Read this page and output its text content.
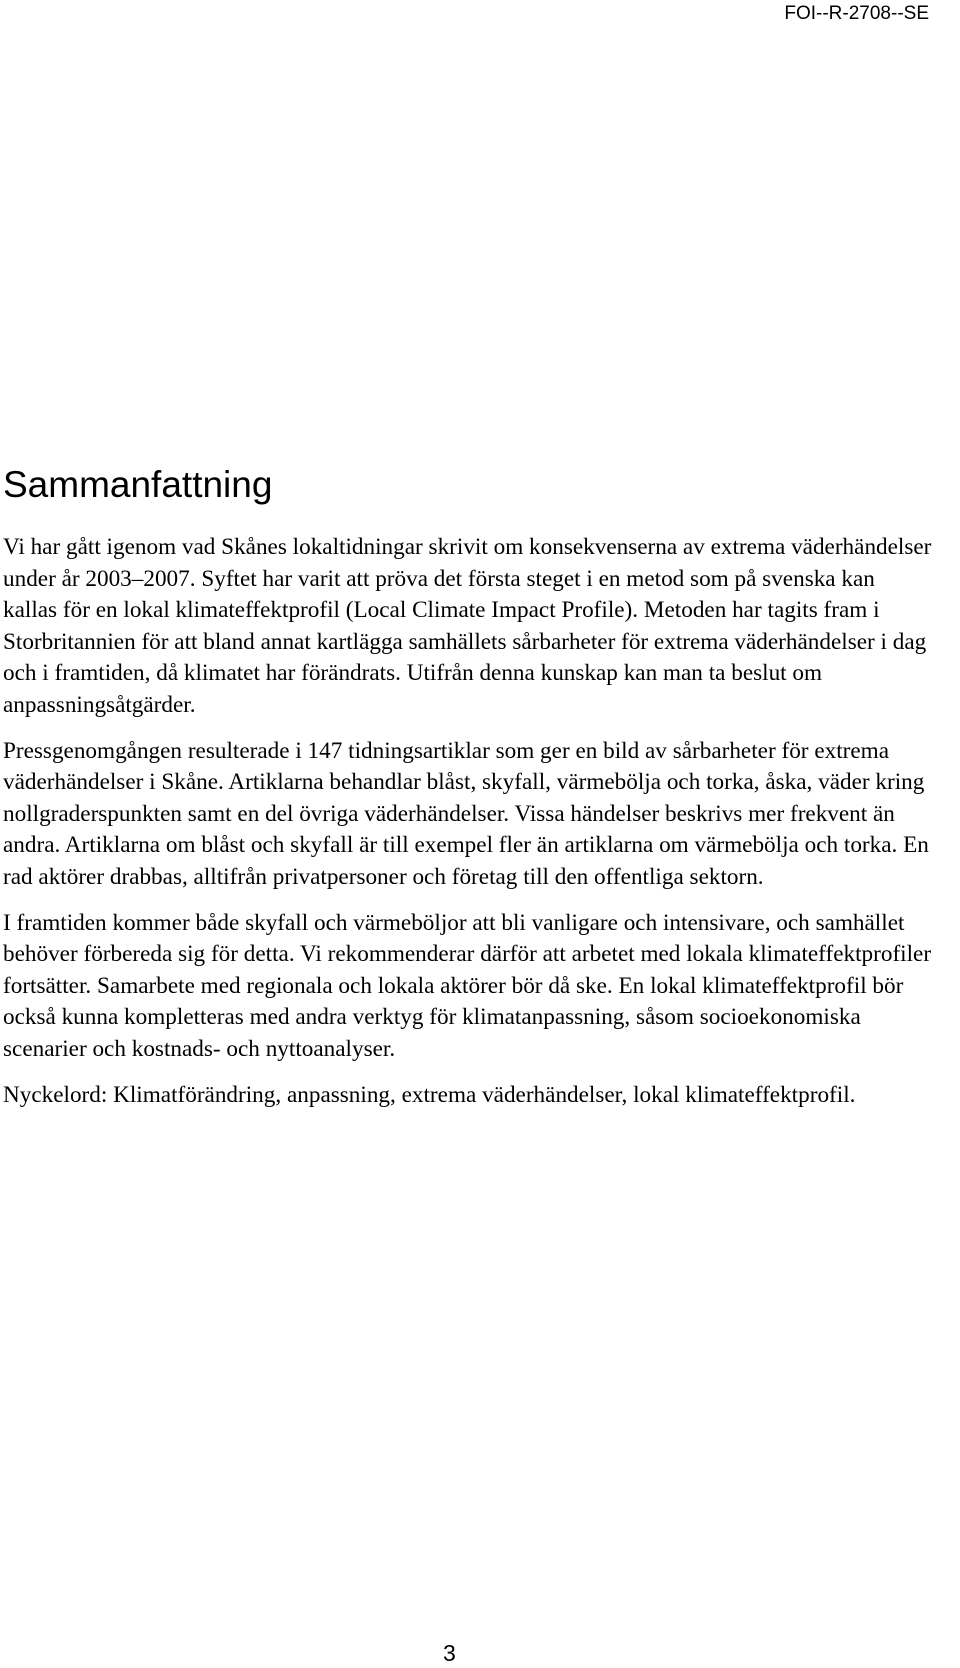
FOI--R-2708--SE
Sammanfattning

Vi har gått igenom vad Skånes lokaltidningar skrivit om konsekvenserna av extrema väderhändelser under år 2003–2007. Syftet har varit att pröva det första steget i en metod som på svenska kan kallas för en lokal klimateffektprofil (Local Climate Impact Profile). Metoden har tagits fram i Storbritannien för att bland annat kartlägga samhällets sårbarheter för extrema väderhändelser i dag och i framtiden, då klimatet har förändrats. Utifrån denna kunskap kan man ta beslut om anpassningsåtgärder.

Pressgenomgången resulterade i 147 tidningsartiklar som ger en bild av sårbarheter för extrema väderhändelser i Skåne. Artiklarna behandlar blåst, skyfall, värmebölja och torka, åska, väder kring nollgraderspunkten samt en del övriga väderhändelser. Vissa händelser beskrivs mer frekvent än andra. Artiklarna om blåst och skyfall är till exempel fler än artiklarna om värmebölja och torka. En rad aktörer drabbas, alltifrån privatpersoner och företag till den offentliga sektorn.

I framtiden kommer både skyfall och värmeböljor att bli vanligare och intensivare, och samhället behöver förbereda sig för detta. Vi rekommenderar därför att arbetet med lokala klimateffektprofiler fortsätter. Samarbete med regionala och lokala aktörer bör då ske. En lokal klimateffektprofil bör också kunna kompletteras med andra verktyg för klimatanpassning, såsom socioekonomiska scenarier och kostnads- och nyttoanalyser.

Nyckelord: Klimatförändring, anpassning, extrema väderhändelser, lokal klimateffektprofil.

3
